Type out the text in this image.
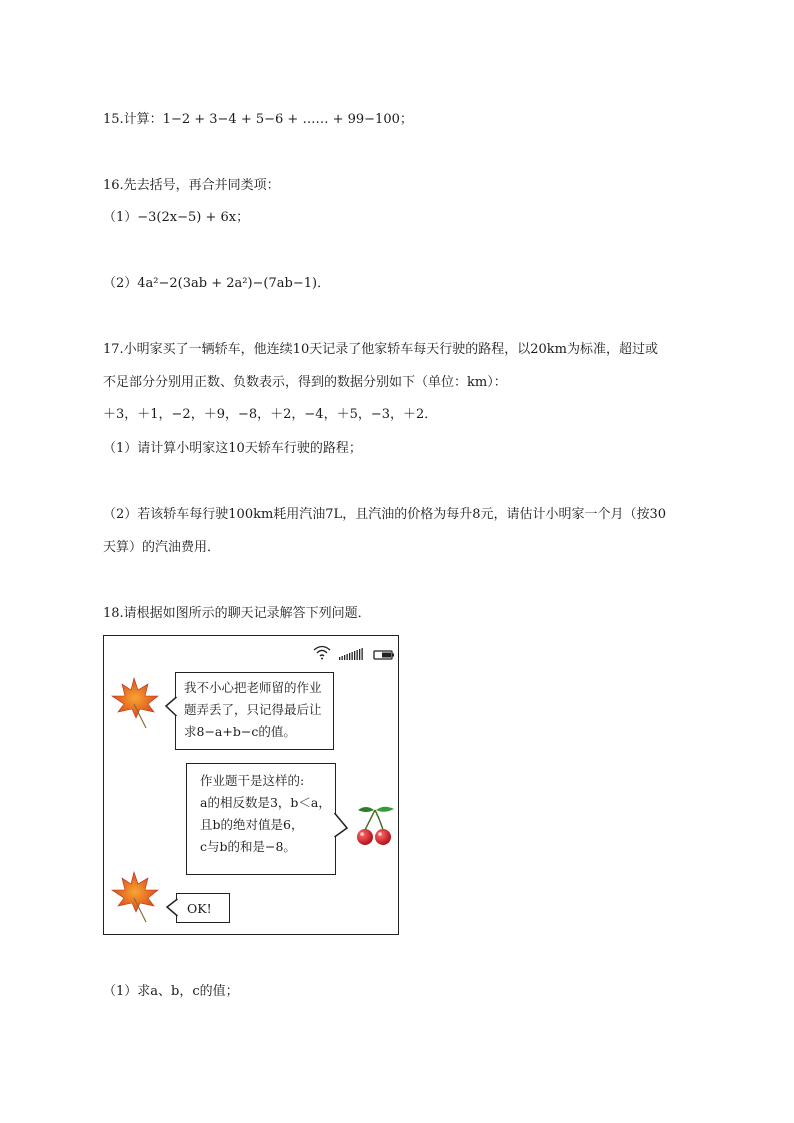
15.计算：1−2 + 3−4 + 5−6 + …… + 99−100；
16.先去括号，再合并同类项：
（1）−3(2x−5) + 6x；
（2）4a²−2(3ab + 2a²)−(7ab−1)．
17.小明家买了一辆轿车，他连续10天记录了他家轿车每天行驶的路程，以20km为标准，超过或
不足部分分别用正数、负数表示，得到的数据分别如下（单位：km）：
＋3，＋1，−2，＋9，−8，＋2，−4，＋5，−3，＋2．
（1）请计算小明家这10天轿车行驶的路程；
（2）若该轿车每行驶100km耗用汽油7L，且汽油的价格为每升8元，请估计小明家一个月（按30
天算）的汽油费用．
18.请根据如图所示的聊天记录解答下列问题．
我不小心把老师留的作业
题弄丢了，只记得最后让
求8−a+b−c的值。
作业题干是这样的:
a的相反数是3，b＜a，
且b的绝对值是6，
c与b的和是−8。
OK!
（1）求a、b，c的值；
